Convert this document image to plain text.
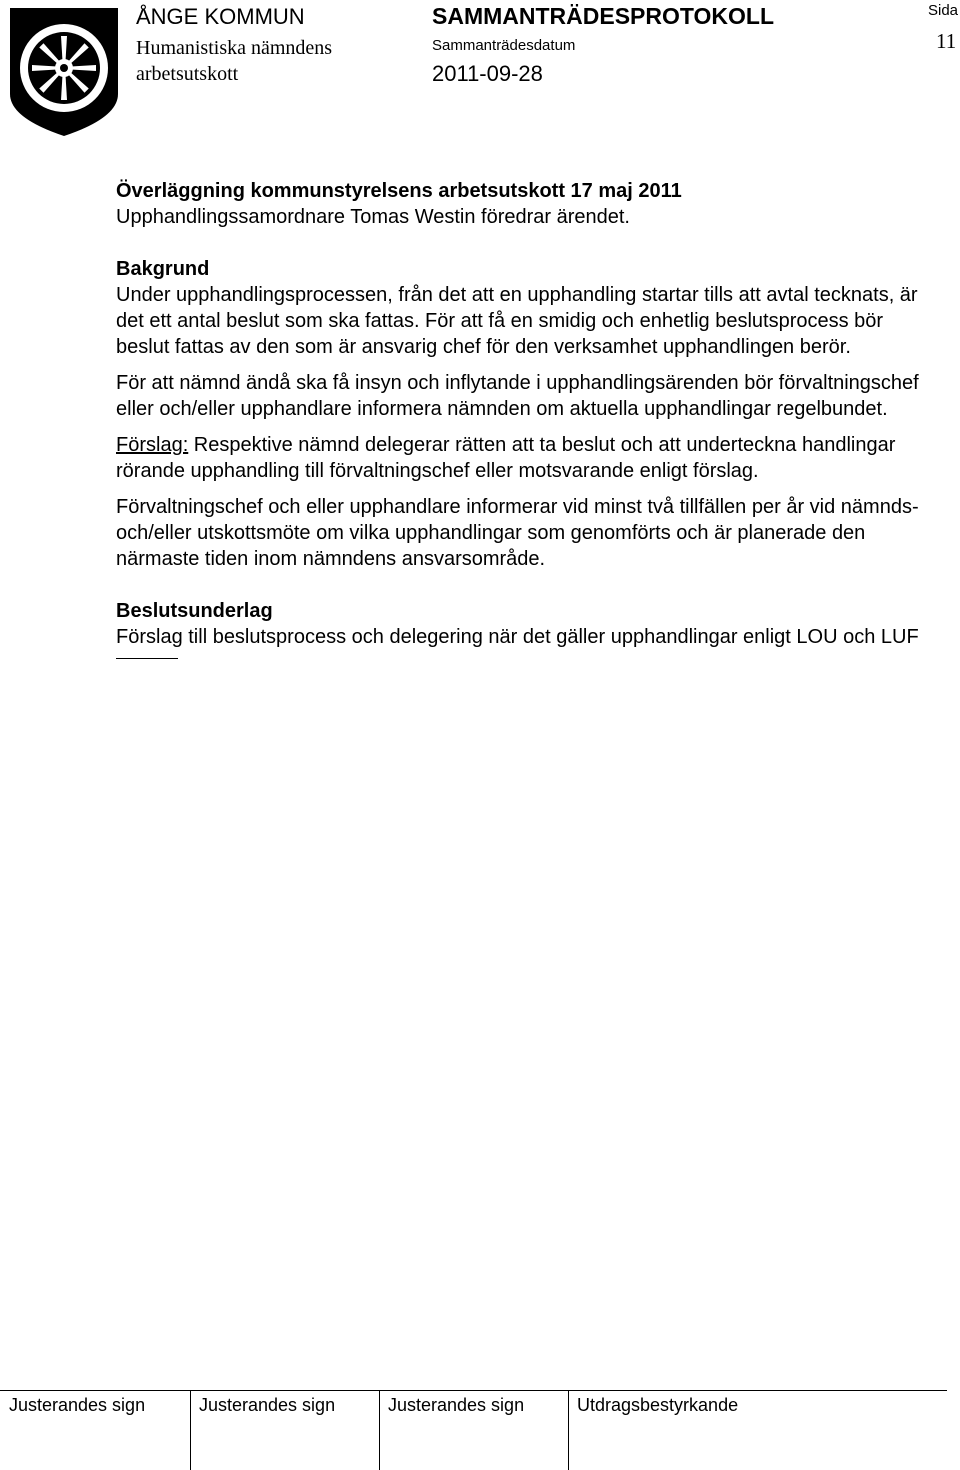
ÅNGE KOMMUN
Humanistiska nämndens
arbetsutskott
SAMMANTRÄDESPROTOKOLL
Sammanträdesdatum
2011-09-28
Sida
11

Överläggning kommunstyrelsens arbetsutskott 17 maj 2011

Upphandlingssamordnare Tomas Westin föredrar ärendet.

Bakgrund

Under upphandlingsprocessen, från det att en upphandling startar tills att avtal tecknats, är det ett antal beslut som ska fattas. För att få en smidig och enhetlig beslutsprocess bör beslut fattas av den som är ansvarig chef för den verksamhet upphandlingen berör.

För att nämnd ändå ska få insyn och inflytande i upphandlingsärenden bör förvaltningschef eller och/eller upphandlare informera nämnden om aktuella upphandlingar regelbundet.

Förslag: Respektive nämnd delegerar rätten att ta beslut och att underteckna handlingar rörande upphandling till förvaltningschef eller motsvarande enligt förslag.

Förvaltningschef och eller upphandlare informerar vid minst två tillfällen per år vid nämnds- och/eller utskottsmöte om vilka upphandlingar som genomförts och är planerade den närmaste tiden inom nämndens ansvarsområde.

Beslutsunderlag

Förslag till beslutsprocess och delegering när det gäller upphandlingar enligt LOU och LUF

Justerandes sign	Justerandes sign	Justerandes sign	Utdragsbestyrkande
